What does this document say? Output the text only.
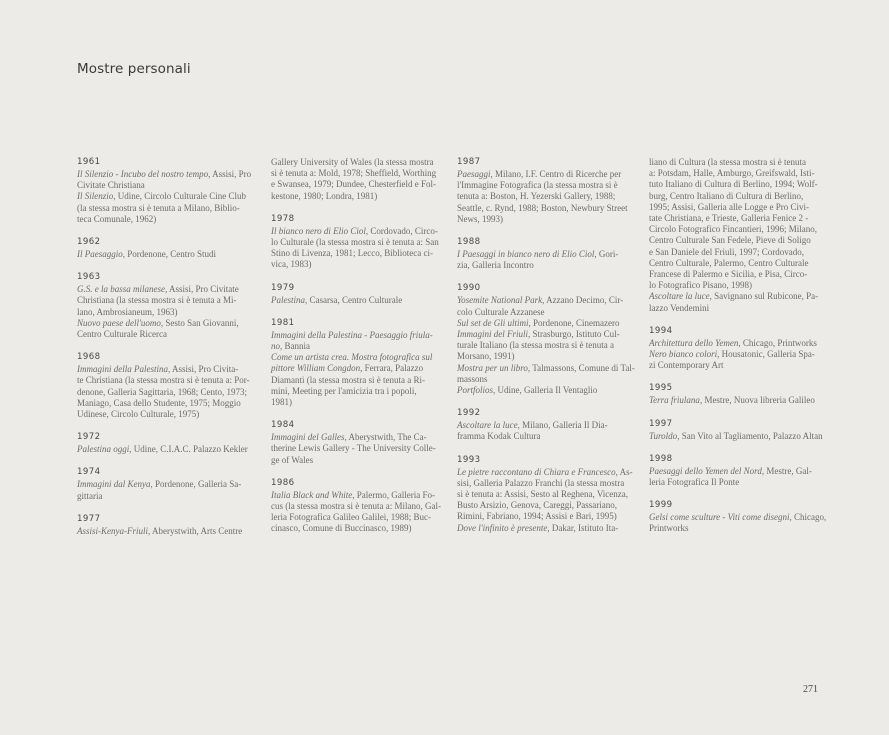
Mostre personali
1961
Il Silenzio - Incubo del nostro tempo, Assisi, Pro
Civitate Christiana
Il Silenzio, Udine, Circolo Culturale Cine Club
(la stessa mostra si è tenuta a Milano, Biblio-
teca Comunale, 1962)
1962
Il Paesaggio, Pordenone, Centro Studi
1963
G.S. e la bassa milanese, Assisi, Pro Civitate
Christiana (la stessa mostra si è tenuta a Mi-
lano, Ambrosianeum, 1963)
Nuovo paese dell'uomo, Sesto San Giovanni,
Centro Culturale Ricerca
1968
Immagini della Palestina, Assisi, Pro Civita-
te Christiana (la stessa mostra si è tenuta a: Por-
denone, Galleria Sagittaria, 1968; Cento, 1973;
Maniago, Casa dello Studente, 1975; Moggio
Udinese, Circolo Culturale, 1975)
1972
Palestina oggi, Udine, C.I.A.C. Palazzo Kekler
1974
Immagini dal Kenya, Pordenone, Galleria Sa-
gittaria
1977
Assisi-Kenya-Friuli, Aberystwith, Arts Centre
Gallery University of Wales (la stessa mostra
si è tenuta a: Mold, 1978; Sheffield, Worthing
e Swansea, 1979; Dundee, Chesterfield e Fol-
kestone, 1980; Londra, 1981)
1978
Il bianco nero di Elio Ciol, Cordovado, Circo-
lo Culturale (la stessa mostra si è tenuta a: San
Stino di Livenza, 1981; Lecco, Biblioteca ci-
vica, 1983)
1979
Palestina, Casarsa, Centro Culturale
1981
Immagini della Palestina - Paesaggio friula-
no, Bannia
Come un artista crea. Mostra fotografica sul
pittore William Congdon, Ferrara, Palazzo
Diamanti (la stessa mostra si è tenuta a Ri-
mini, Meeting per l'amicizia tra i popoli,
1981)
1984
Immagini del Galles, Aberystwith, The Ca-
therine Lewis Gallery - The University Colle-
ge of Wales
1986
Italia Black and White, Palermo, Galleria Fo-
cus (la stessa mostra si è tenuta a: Milano, Gal-
leria Fotografica Galileo Galilei, 1988; Buc-
cinasco, Comune di Buccinasco, 1989)
1987
Paesaggi, Milano, I.F. Centro di Ricerche per
l'Immagine Fotografica (la stessa mostra si è
tenuta a: Boston, H. Yezerski Gallery, 1988;
Seattle, c. Rynd, 1988; Boston, Newbury Street
News, 1993)
1988
I Paesaggi in bianco nero di Elio Ciol, Gori-
zia, Galleria Incontro
1990
Yosemite National Park, Azzano Decimo, Cir-
colo Culturale Azzanese
Sul set de Gli ultimi, Pordenone, Cinemazero
Immagini del Friuli, Strasburgo, Istituto Cul-
turale Italiano (la stessa mostra si è tenuta a
Morsano, 1991)
Mostra per un libro, Talmassons, Comune di Tal-
massons
Portfolios, Udine, Galleria Il Ventaglio
1992
Ascoltare la luce, Milano, Galleria Il Dia-
framma Kodak Cultura
1993
Le pietre raccontano di Chiara e Francesco, As-
sisi, Galleria Palazzo Franchi (la stessa mostra
si è tenuta a: Assisi, Sesto al Reghena, Vicenza,
Busto Arsizio, Genova, Careggi, Passariano,
Rimini, Fabriano, 1994; Assisi e Bari, 1995)
Dove l'infinito è presente, Dakar, Istituto Ita-
liano di Cultura (la stessa mostra si è tenuta
a: Potsdam, Halle, Amburgo, Greifswald, Isti-
tuto Italiano di Cultura di Berlino, 1994; Wolf-
burg, Centro Italiano di Cultura di Berlino,
1995; Assisi, Galleria alle Logge e Pro Civi-
tate Christiana, e Trieste, Galleria Fenice 2 -
Circolo Fotografico Fincantieri, 1996; Milano,
Centro Culturale San Fedele, Pieve di Soligo
e San Daniele del Friuli, 1997; Cordovado,
Centro Culturale, Palermo, Centro Culturale
Francese di Palermo e Sicilia, e Pisa, Circo-
lo Fotografico Pisano, 1998)
Ascoltare la luce, Savignano sul Rubicone, Pa-
lazzo Vendemini
1994
Architettura dello Yemen, Chicago, Printworks
Nero bianco colori, Housatonic, Galleria Spa-
zi Contemporary Art
1995
Terra friulana, Mestre, Nuova libreria Galileo
1997
Turoldo, San Vito al Tagliamento, Palazzo Altan
1998
Paesaggi dello Yemen del Nord, Mestre, Gal-
leria Fotografica Il Ponte
1999
Gelsi come sculture - Viti come disegni, Chicago,
Printworks
271
